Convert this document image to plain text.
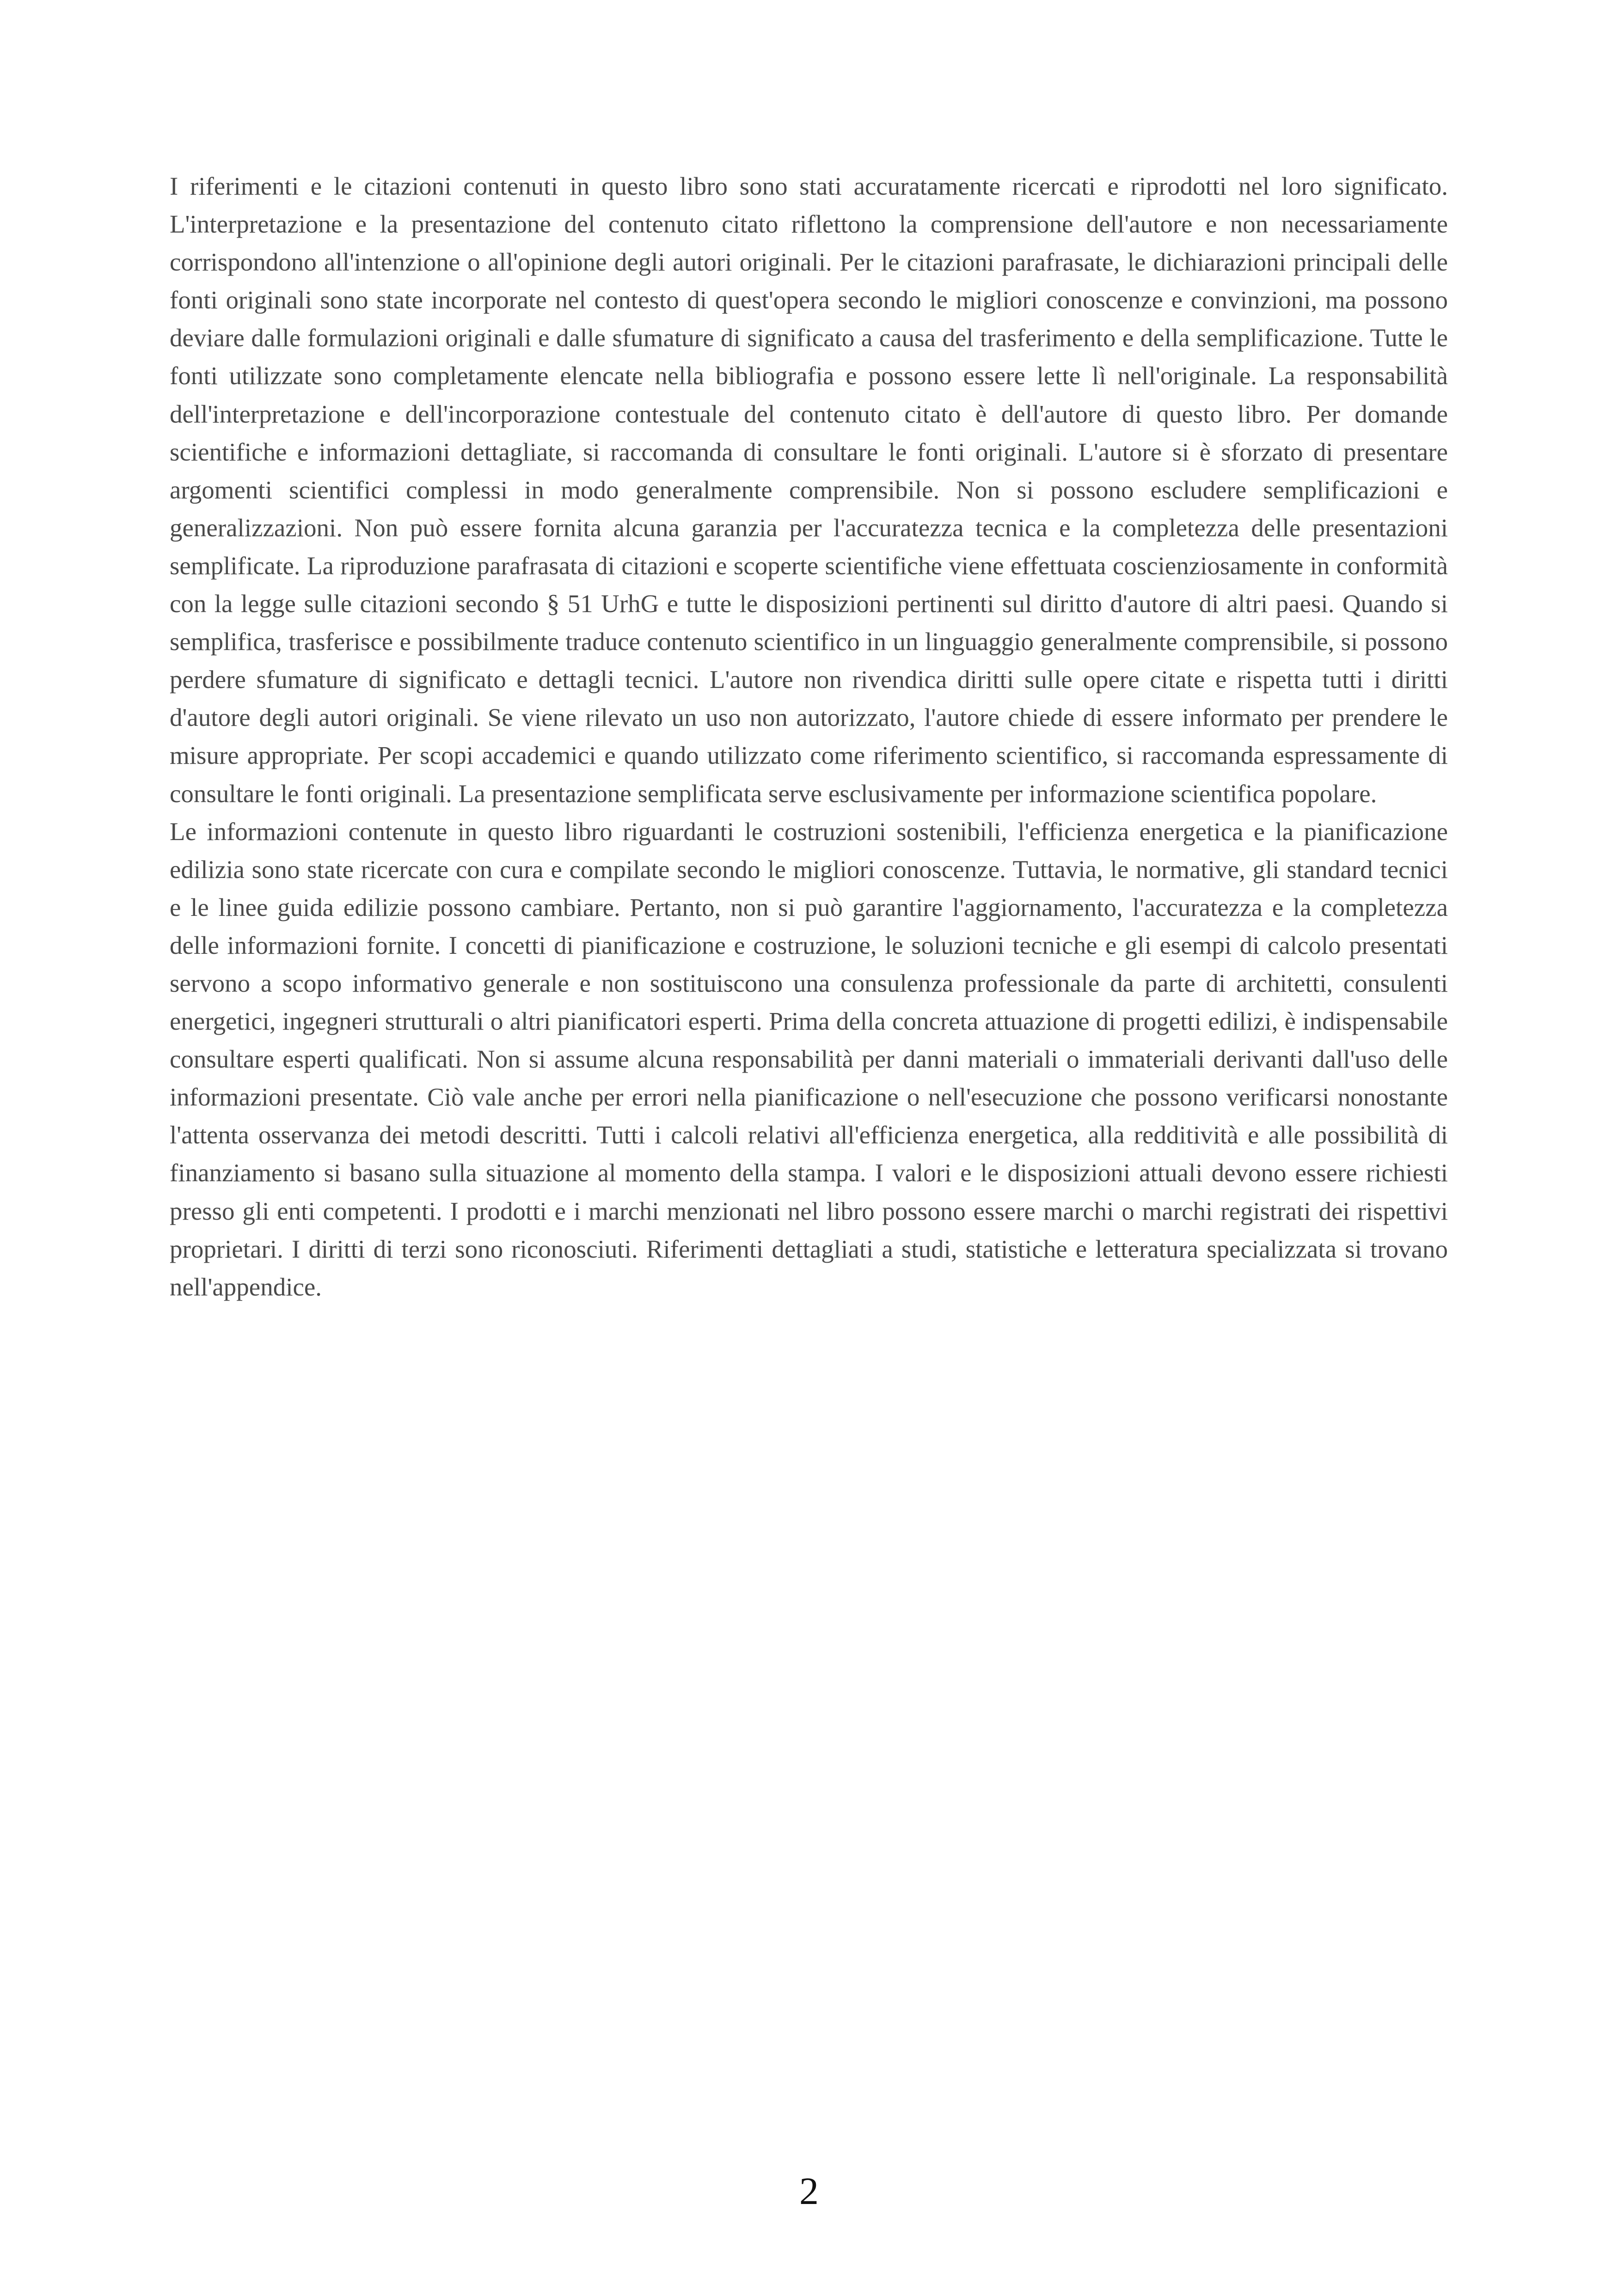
I riferimenti e le citazioni contenuti in questo libro sono stati accuratamente ricercati e riprodotti nel loro significato. L'interpretazione e la presentazione del contenuto citato riflettono la comprensione dell'autore e non necessariamente corrispondono all'intenzione o all'opinione degli autori originali. Per le citazioni parafrasate, le dichiarazioni principali delle fonti originali sono state incorporate nel contesto di quest'opera secondo le migliori conoscenze e convinzioni, ma possono deviare dalle formulazioni originali e dalle sfumature di significato a causa del trasferimento e della semplificazione. Tutte le fonti utilizzate sono completamente elencate nella bibliografia e possono essere lette lì nell'originale. La responsabilità dell'interpretazione e dell'incorporazione contestuale del contenuto citato è dell'autore di questo libro. Per domande scientifiche e informazioni dettagliate, si raccomanda di consultare le fonti originali. L'autore si è sforzato di presentare argomenti scientifici complessi in modo generalmente comprensibile. Non si possono escludere semplificazioni e generalizzazioni. Non può essere fornita alcuna garanzia per l'accuratezza tecnica e la completezza delle presentazioni semplificate. La riproduzione parafrasata di citazioni e scoperte scientifiche viene effettuata coscienziosamente in conformità con la legge sulle citazioni secondo § 51 UrhG e tutte le disposizioni pertinenti sul diritto d'autore di altri paesi. Quando si semplifica, trasferisce e possibilmente traduce contenuto scientifico in un linguaggio generalmente comprensibile, si possono perdere sfumature di significato e dettagli tecnici. L'autore non rivendica diritti sulle opere citate e rispetta tutti i diritti d'autore degli autori originali. Se viene rilevato un uso non autorizzato, l'autore chiede di essere informato per prendere le misure appropriate. Per scopi accademici e quando utilizzato come riferimento scientifico, si raccomanda espressamente di consultare le fonti originali. La presentazione semplificata serve esclusivamente per informazione scientifica popolare.

Le informazioni contenute in questo libro riguardanti le costruzioni sostenibili, l'efficienza energetica e la pianificazione edilizia sono state ricercate con cura e compilate secondo le migliori conoscenze. Tuttavia, le normative, gli standard tecnici e le linee guida edilizie possono cambiare. Pertanto, non si può garantire l'aggiornamento, l'accuratezza e la completezza delle informazioni fornite. I concetti di pianificazione e costruzione, le soluzioni tecniche e gli esempi di calcolo presentati servono a scopo informativo generale e non sostituiscono una consulenza professionale da parte di architetti, consulenti energetici, ingegneri strutturali o altri pianificatori esperti. Prima della concreta attuazione di progetti edilizi, è indispensabile consultare esperti qualificati. Non si assume alcuna responsabilità per danni materiali o immateriali derivanti dall'uso delle informazioni presentate. Ciò vale anche per errori nella pianificazione o nell'esecuzione che possono verificarsi nonostante l'attenta osservanza dei metodi descritti. Tutti i calcoli relativi all'efficienza energetica, alla redditività e alle possibilità di finanziamento si basano sulla situazione al momento della stampa. I valori e le disposizioni attuali devono essere richiesti presso gli enti competenti. I prodotti e i marchi menzionati nel libro possono essere marchi o marchi registrati dei rispettivi proprietari. I diritti di terzi sono riconosciuti. Riferimenti dettagliati a studi, statistiche e letteratura specializzata si trovano nell'appendice.

2
